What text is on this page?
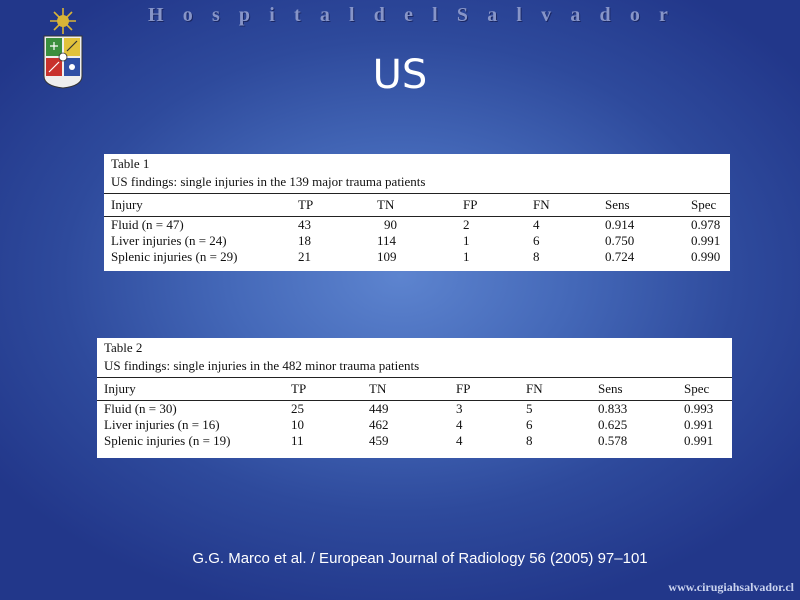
H o s p i t a l d e l S a l v a d o r
US
Table 1
US findings: single injuries in the 139 major trauma patients
Injury	TP	TN	FP	FN	Sens	Spec
Fluid (n = 47)	43	90	2	4	0.914	0.978
Liver injuries (n = 24)	18	114	1	6	0.750	0.991
Splenic injuries (n = 29)	21	109	1	8	0.724	0.990
Table 2
US findings: single injuries in the 482 minor trauma patients
Injury	TP	TN	FP	FN	Sens	Spec
Fluid (n = 30)	25	449	3	5	0.833	0.993
Liver injuries (n = 16)	10	462	4	6	0.625	0.991
Splenic injuries (n = 19)	11	459	4	8	0.578	0.991
G.G. Marco et al. / European Journal of Radiology 56 (2005) 97–101
www.cirugiahsalvador.cl
